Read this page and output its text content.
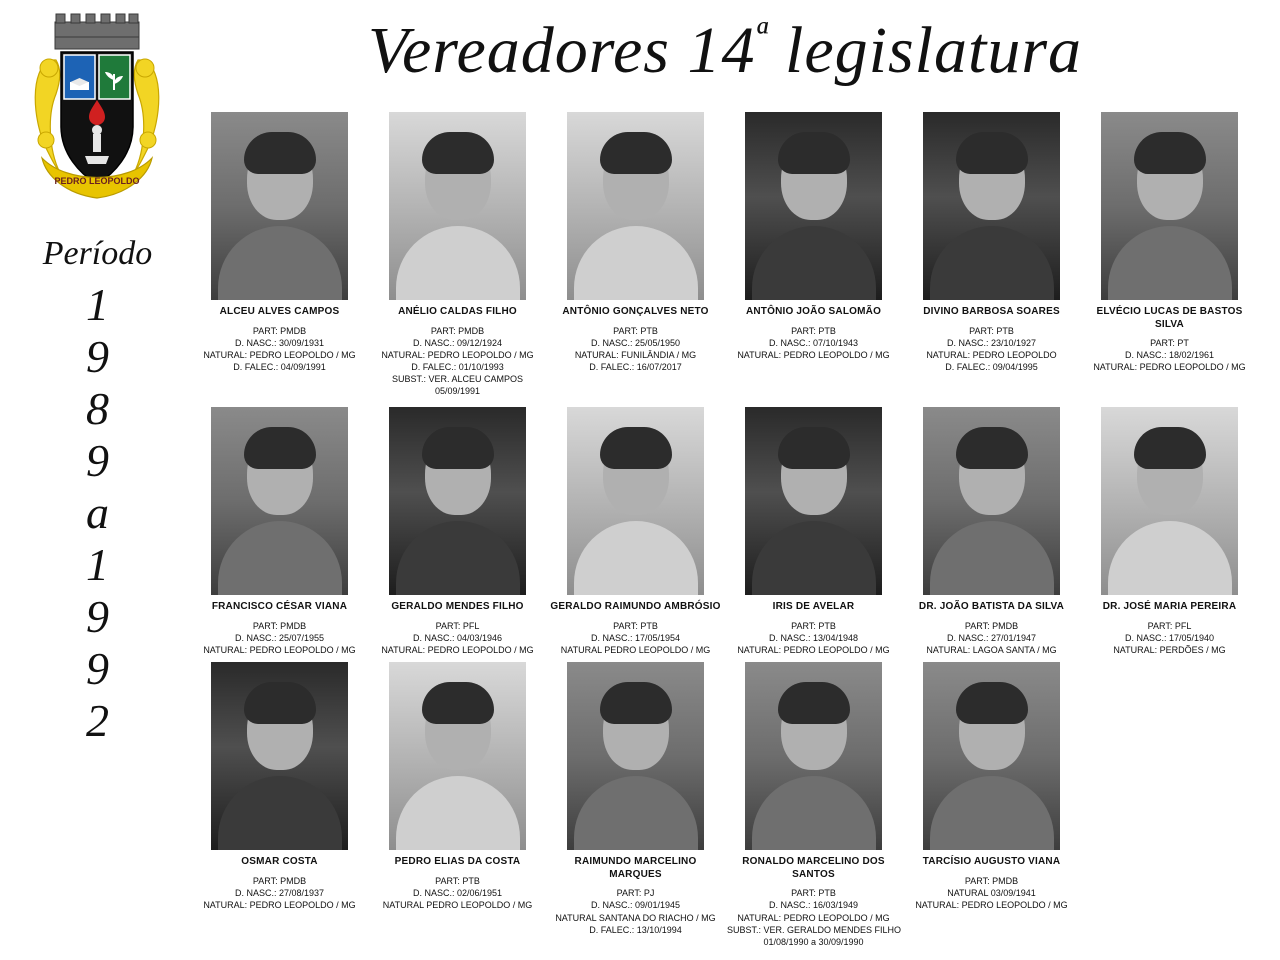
PEDRO LEOPOLDO
Vereadores $14^ª$ legislatura
Período
1
9
8
9
a
1
9
9
2
ALCEU ALVES CAMPOS
PART: PMDB
D. NASC.: 30/09/1931
NATURAL: PEDRO LEOPOLDO / MG
D. FALEC.: 04/09/1991
ANÉLIO CALDAS FILHO
PART: PMDB
D. NASC.: 09/12/1924
NATURAL: PEDRO LEOPOLDO / MG
D. FALEC.: 01/10/1993
SUBST.: VER. ALCEU CAMPOS
05/09/1991
ANTÔNIO GONÇALVES NETO
PART: PTB
D. NASC.: 25/05/1950
NATURAL: FUNILÂNDIA / MG
D. FALEC.: 16/07/2017
ANTÔNIO JOÃO SALOMÃO
PART: PTB
D. NASC.: 07/10/1943
NATURAL: PEDRO LEOPOLDO / MG
DIVINO BARBOSA SOARES
PART: PTB
D. NASC.: 23/10/1927
NATURAL: PEDRO LEOPOLDO
D. FALEC.: 09/04/1995
ELVÉCIO LUCAS DE BASTOS SILVA
PART: PT
D. NASC.: 18/02/1961
NATURAL: PEDRO LEOPOLDO / MG
FRANCISCO CÉSAR VIANA
PART: PMDB
D. NASC.: 25/07/1955
NATURAL: PEDRO LEOPOLDO / MG
GERALDO MENDES FILHO
PART: PFL
D. NASC.: 04/03/1946
NATURAL: PEDRO LEOPOLDO / MG
GERALDO RAIMUNDO AMBRÓSIO
PART: PTB
D. NASC.: 17/05/1954
NATURAL PEDRO LEOPOLDO / MG
IRIS DE AVELAR
PART: PTB
D. NASC.: 13/04/1948
NATURAL: PEDRO LEOPOLDO / MG
DR. JOÃO BATISTA DA SILVA
PART: PMDB
D. NASC.: 27/01/1947
NATURAL: LAGOA SANTA / MG
DR. JOSÉ MARIA PEREIRA
PART: PFL
D. NASC.: 17/05/1940
NATURAL: PERDÕES / MG
OSMAR COSTA
PART: PMDB
D. NASC.: 27/08/1937
NATURAL: PEDRO LEOPOLDO / MG
PEDRO ELIAS DA COSTA
PART: PTB
D. NASC.: 02/06/1951
NATURAL PEDRO LEOPOLDO / MG
RAIMUNDO MARCELINO MARQUES
PART: PJ
D. NASC.: 09/01/1945
NATURAL SANTANA DO RIACHO / MG
D. FALEC.: 13/10/1994
RONALDO MARCELINO DOS SANTOS
PART: PTB
D. NASC.: 16/03/1949
NATURAL: PEDRO LEOPOLDO / MG
SUBST.: VER. GERALDO MENDES FILHO
01/08/1990 a 30/09/1990
TARCÍSIO AUGUSTO VIANA
PART: PMDB
NATURAL 03/09/1941
NATURAL: PEDRO LEOPOLDO / MG
